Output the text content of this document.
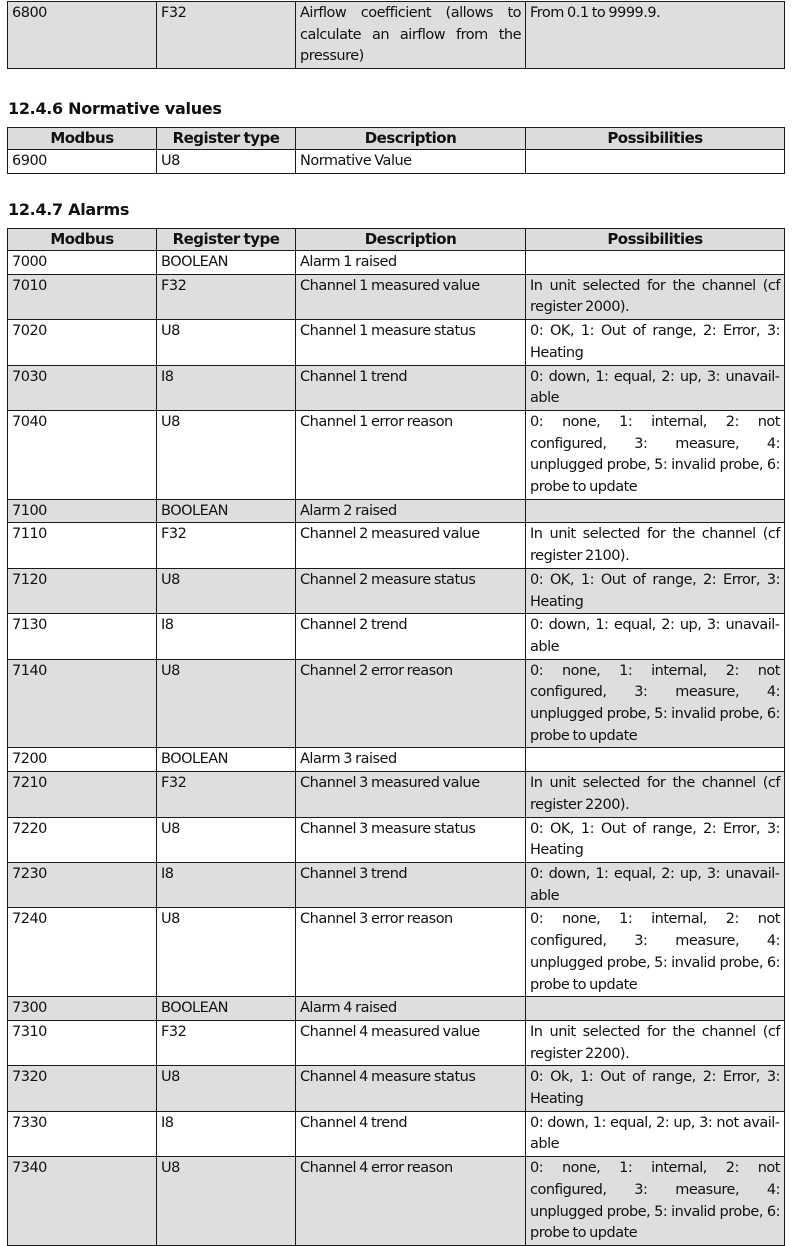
6800	F32	Airflow coefficient (allows to calculate an airflow from the pressure)	From 0.1 to 9999.9.
12.4.6 Normative values
Modbus	Register type	Description	Possibilities
6900	U8	Normative Value	
12.4.7 Alarms
Modbus	Register type	Description	Possibilities
7000	BOOLEAN	Alarm 1 raised	
7010	F32	Channel 1 measured value	In unit selected for the channel (cf register 2000).
7020	U8	Channel 1 measure status	0: OK, 1: Out of range, 2: Error, 3: Heating
7030	I8	Channel 1 trend	0: down, 1: equal, 2: up, 3: unavailable
7040	U8	Channel 1 error reason	0: none, 1: internal, 2: not configured, 3: measure, 4: unplugged probe, 5: invalid probe, 6: probe to update
7100	BOOLEAN	Alarm 2 raised	
7110	F32	Channel 2 measured value	In unit selected for the channel (cf register 2100).
7120	U8	Channel 2 measure status	0: OK, 1: Out of range, 2: Error, 3: Heating
7130	I8	Channel 2 trend	0: down, 1: equal, 2: up, 3: unavailable
7140	U8	Channel 2 error reason	0: none, 1: internal, 2: not configured, 3: measure, 4: unplugged probe, 5: invalid probe, 6: probe to update
7200	BOOLEAN	Alarm 3 raised	
7210	F32	Channel 3 measured value	In unit selected for the channel (cf register 2200).
7220	U8	Channel 3 measure status	0: OK, 1: Out of range, 2: Error, 3: Heating
7230	I8	Channel 3 trend	0: down, 1: equal, 2: up, 3: unavailable
7240	U8	Channel 3 error reason	0: none, 1: internal, 2: not configured, 3: measure, 4: unplugged probe, 5: invalid probe, 6: probe to update
7300	BOOLEAN	Alarm 4 raised	
7310	F32	Channel 4 measured value	In unit selected for the channel (cf register 2200).
7320	U8	Channel 4 measure status	0: Ok, 1: Out of range, 2: Error, 3: Heating
7330	I8	Channel 4 trend	0: down, 1: equal, 2: up, 3: not available
7340	U8	Channel 4 error reason	0: none, 1: internal, 2: not configured, 3: measure, 4: unplugged probe, 5: invalid probe, 6: probe to update
